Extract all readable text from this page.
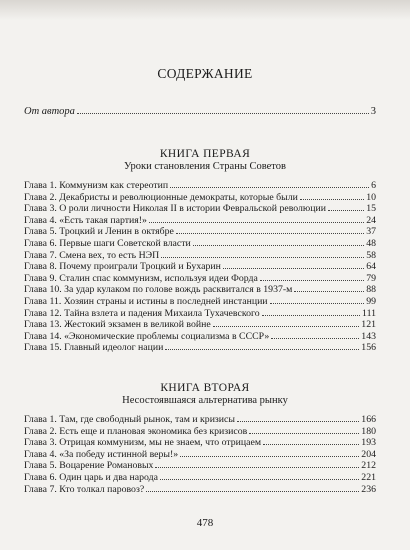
СОДЕРЖАНИЕ
От автора	3
КНИГА ПЕРВАЯ
Уроки становления Страны Советов
Глава 1. Коммунизм как стереотип	6
Глава 2. Декабристы и революционные демократы, которые были	10
Глава 3. О роли личности Николая II в истории Февральской революции	15
Глава 4. «Есть такая партия!»	24
Глава 5. Троцкий и Ленин в октябре	37
Глава 6. Первые шаги Советской власти	48
Глава 7. Смена вех, то есть НЭП	58
Глава 8. Почему проиграли Троцкий и Бухарин	64
Глава 9. Сталин спас коммунизм, используя идеи Форда	79
Глава 10. За удар кулаком по голове вождь расквитался в 1937-м	88
Глава 11. Хозяин страны и истины в последней инстанции	99
Глава 12. Тайна взлета и падения Михаила Тухачевского	111
Глава 13. Жестокий экзамен в великой войне	121
Глава 14. «Экономические проблемы социализма в СССР»	143
Глава 15. Главный идеолог нации	156
КНИГА ВТОРАЯ
Несостоявшаяся альтернатива рынку
Глава 1. Там, где свободный рынок, там и кризисы	166
Глава 2. Есть еще и плановая экономика без кризисов	180
Глава 3. Отрицая коммунизм, мы не знаем, что отрицаем	193
Глава 4. «За победу истинной веры!»	204
Глава 5. Воцарение Романовых	212
Глава 6. Один царь и два народа	221
Глава 7. Кто толкал паровоз?	236
478
